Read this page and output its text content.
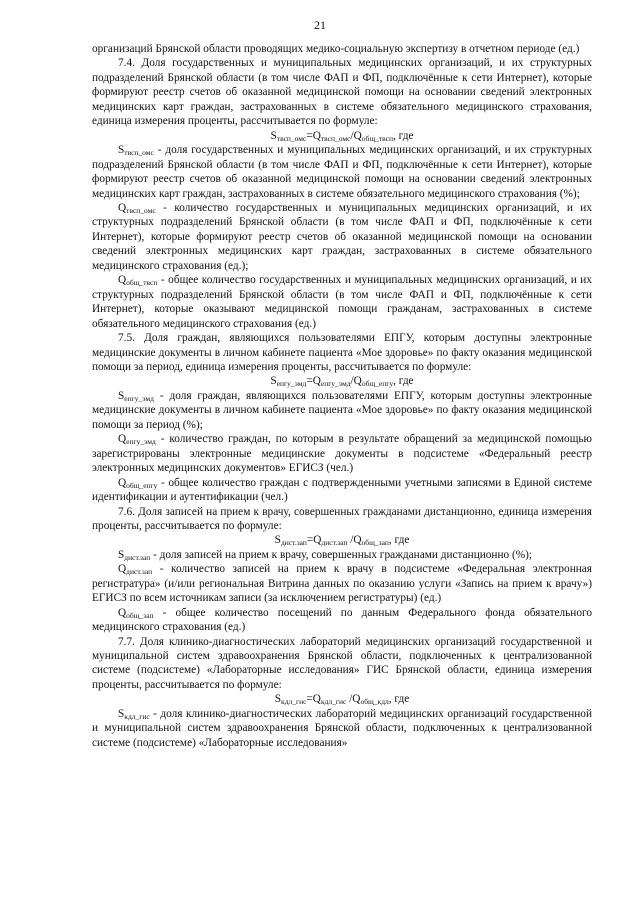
21

организаций Брянской области проводящих медико-социальную экспертизу в отчетном периоде (ед.)

7.4. Доля государственных и муниципальных медицинских организаций, и их структурных подразделений Брянской области (в том числе ФАП и ФП, подключённые к сети Интернет), которые формируют реестр счетов об оказанной медицинской помощи на основании сведений электронных медицинских карт граждан, застрахованных в системе обязательного медицинского страхования, единица измерения проценты, рассчитывается по формуле:

$S_{твсп\_омс}=Q_{твсп\_омс}/Q_{общ\_твсп}$, где

$S_{твсп\_омс}$ - доля государственных и муниципальных медицинских организаций, и их структурных подразделений Брянской области (в том числе ФАП и ФП, подключённые к сети Интернет), которые формируют реестр счетов об оказанной медицинской помощи на основании сведений электронных медицинских карт граждан, застрахованных в системе обязательного медицинского страхования (%);

$Q_{твсп\_омс}$ - количество государственных и муниципальных медицинских организаций, и их структурных подразделений Брянской области (в том числе ФАП и ФП, подключённые к сети Интернет), которые формируют реестр счетов об оказанной медицинской помощи на основании сведений электронных медицинских карт граждан, застрахованных в системе обязательного медицинского страхования (ед.);

$Q_{общ\_твсп}$ - общее количество государственных и муниципальных медицинских организаций, и их структурных подразделений Брянской области (в том числе ФАП и ФП, подключённые к сети Интернет), которые оказывают медицинской помощи гражданам, застрахованных в системе обязательного медицинского страхования (ед.)

7.5. Доля граждан, являющихся пользователями ЕПГУ, которым доступны электронные медицинские документы в личном кабинете пациента «Мое здоровье» по факту оказания медицинской помощи за период, единица измерения проценты, рассчитывается по формуле:

$S_{епгу\_эмд}=Q_{епгу\_эмд}/Q_{общ\_епгу}$, где

$S_{епгу\_эмд}$ - доля граждан, являющихся пользователями ЕПГУ, которым доступны электронные медицинские документы в личном кабинете пациента «Мое здоровье» по факту оказания медицинской помощи за период (%);

$Q_{епгу\_эмд}$ - количество граждан, по которым в результате обращений за медицинской помощью зарегистрированы электронные медицинские документы в подсистеме «Федеральный реестр электронных медицинских документов» ЕГИСЗ (чел.)

$Q_{общ\_епгу}$ - общее количество граждан с подтвержденными учетными записями в Единой системе идентификации и аутентификации (чел.)

7.6. Доля записей на прием к врачу, совершенных гражданами дистанционно, единица измерения проценты, рассчитывается по формуле:

$S_{дист.зап}=Q_{дист.зап}$ $/Q_{общ\_зап}$, где

$S_{дист.зап}$ - доля записей на прием к врачу, совершенных гражданами дистанционно (%);

$Q_{дист.зап}$ - количество записей на прием к врачу в подсистеме «Федеральная электронная регистратура» (и/или региональная Витрина данных по оказанию услуги «Запись на прием к врачу») ЕГИСЗ по всем источникам записи (за исключением регистратуры) (ед.)

$Q_{общ\_зап}$ - общее количество посещений по данным Федерального фонда обязательного медицинского страхования (ед.)

7.7. Доля клинико-диагностических лабораторий медицинских организаций государственной и муниципальной систем здравоохранения Брянской области, подключенных к централизованной системе (подсистеме) «Лабораторные исследования» ГИС Брянской области, единица измерения проценты, рассчитывается по формуле:

$S_{кдл\_гис}=Q_{кдл\_гис}$ $/Q_{общ\_кдл}$, где

$S_{кдл\_гис}$ - доля клинико-диагностических лабораторий медицинских организаций государственной и муниципальной систем здравоохранения Брянской области, подключенных к централизованной системе (подсистеме) «Лабораторные исследования»
